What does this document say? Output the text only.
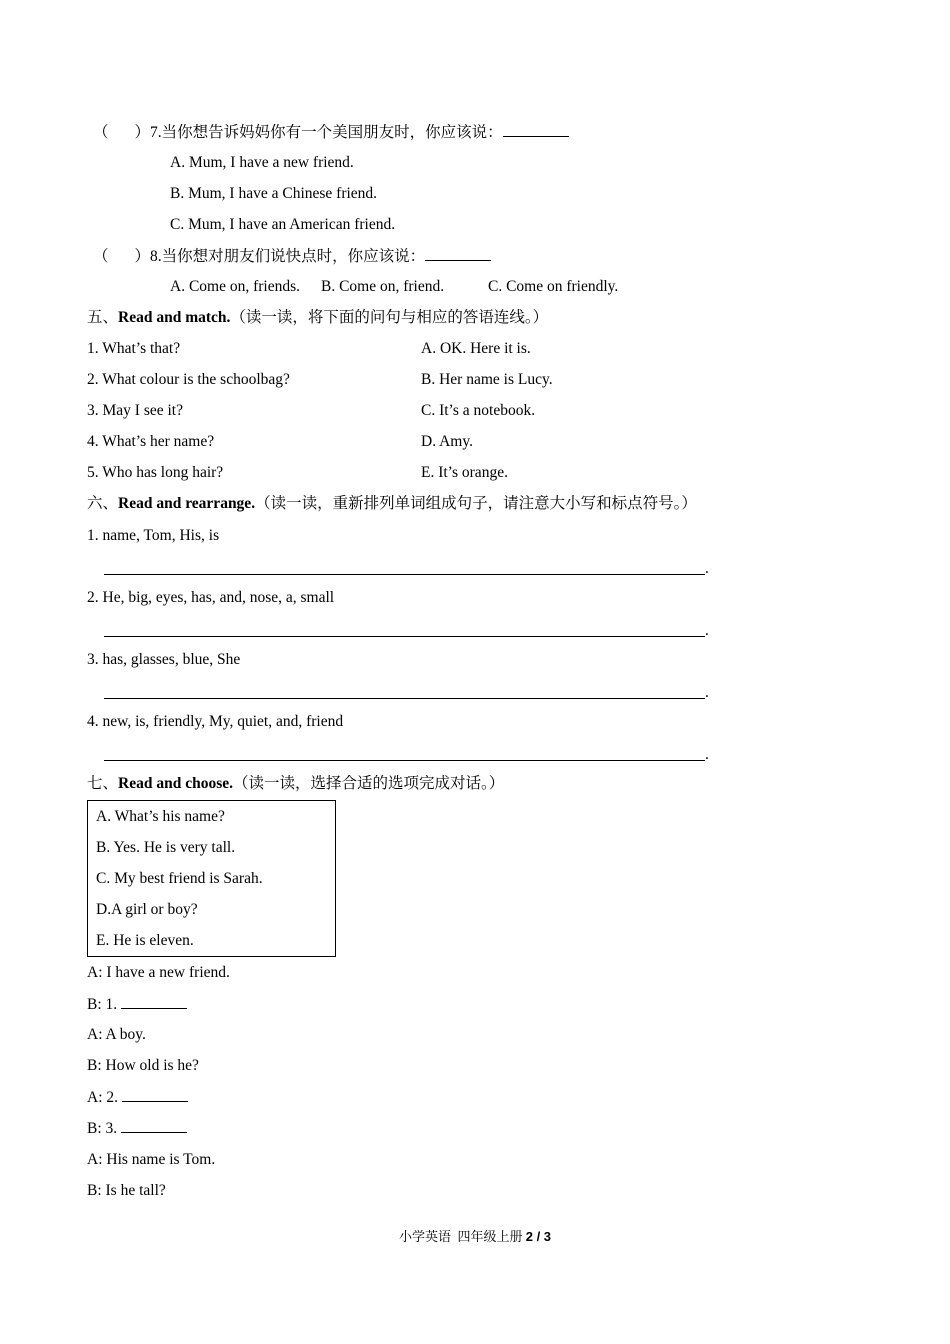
（ ）7.当你想告诉妈妈你有一个美国朋友时，你应该说：
A. Mum, I have a new friend.
B. Mum, I have a Chinese friend.
C. Mum, I have an American friend.
（ ）8.当你想对朋友们说快点时，你应该说：
A. Come on, friends. B. Come on, friend.	C. Come on friendly.
五、Read and match.（读一读，将下面的问句与相应的答语连线。）
1. What’s that?
2. What colour is the schoolbag?
3. May I see it?
4. What’s her name?
5. Who has long hair?
A. OK. Here it is.
B. Her name is Lucy.
C. It’s a notebook.
D. Amy.
E. It’s orange.
六、Read and rearrange.（读一读，重新排列单词组成句子，请注意大小写和标点符号。）
1. name, Tom, His, is
.
2. He, big, eyes, has, and, nose, a, small
.
3. has, glasses, blue, She
.
4. new, is, friendly, My, quiet, and, friend
.
七、Read and choose.（读一读，选择合适的选项完成对话。）
A. What’s his name?
B. Yes. He is very tall.
C. My best friend is Sarah.
D.A girl or boy?
E. He is eleven.
A: I have a new friend.
B: 1.
A: A boy.
B: How old is he?
A: 2.
B: 3.
A: His name is Tom.
B: Is he tall?
小学英语  四年级上册 2 / 3
